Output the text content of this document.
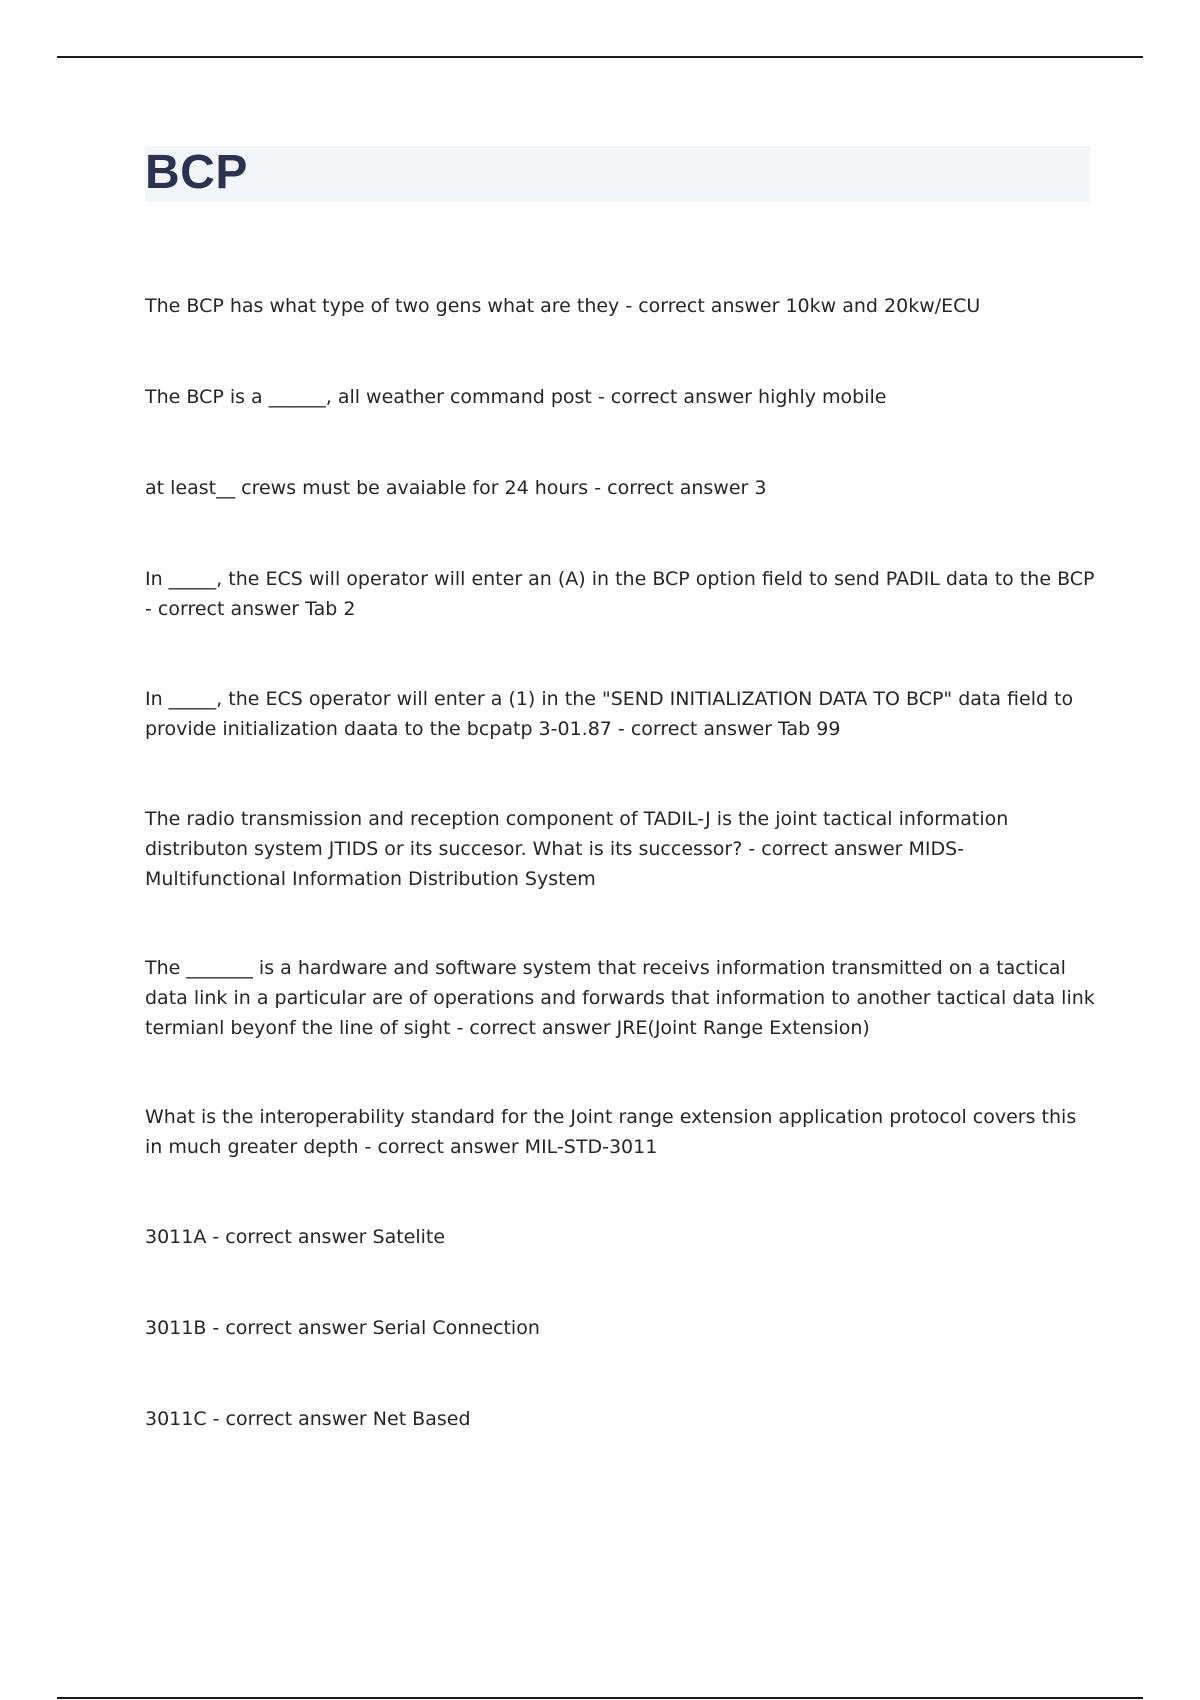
BCP

The BCP has what type of two gens what are they - correct answer 10kw and 20kw/ECU

The BCP is a ______, all weather command post - correct answer highly mobile

at least__ crews must be avaiable for 24 hours - correct answer 3

In _____, the ECS will operator will enter an (A) in the BCP option field to send PADIL data to the BCP - correct answer Tab 2

In _____, the ECS operator will enter a (1) in the "SEND INITIALIZATION DATA TO BCP" data field to provide initialization daata to the bcpatp 3-01.87 - correct answer Tab 99

The radio transmission and reception component of TADIL-J is the joint tactical information distributon system JTIDS or its succesor. What is its successor? - correct answer MIDS-Multifunctional Information Distribution System

The _______ is a hardware and software system that receivs information transmitted on a tactical data link in a particular are of operations and forwards that information to another tactical data link termianl beyonf the line of sight - correct answer JRE(Joint Range Extension)

What is the interoperability standard for the Joint range extension application protocol covers this in much greater depth - correct answer MIL-STD-3011

3011A - correct answer Satelite

3011B - correct answer Serial Connection

3011C - correct answer Net Based
